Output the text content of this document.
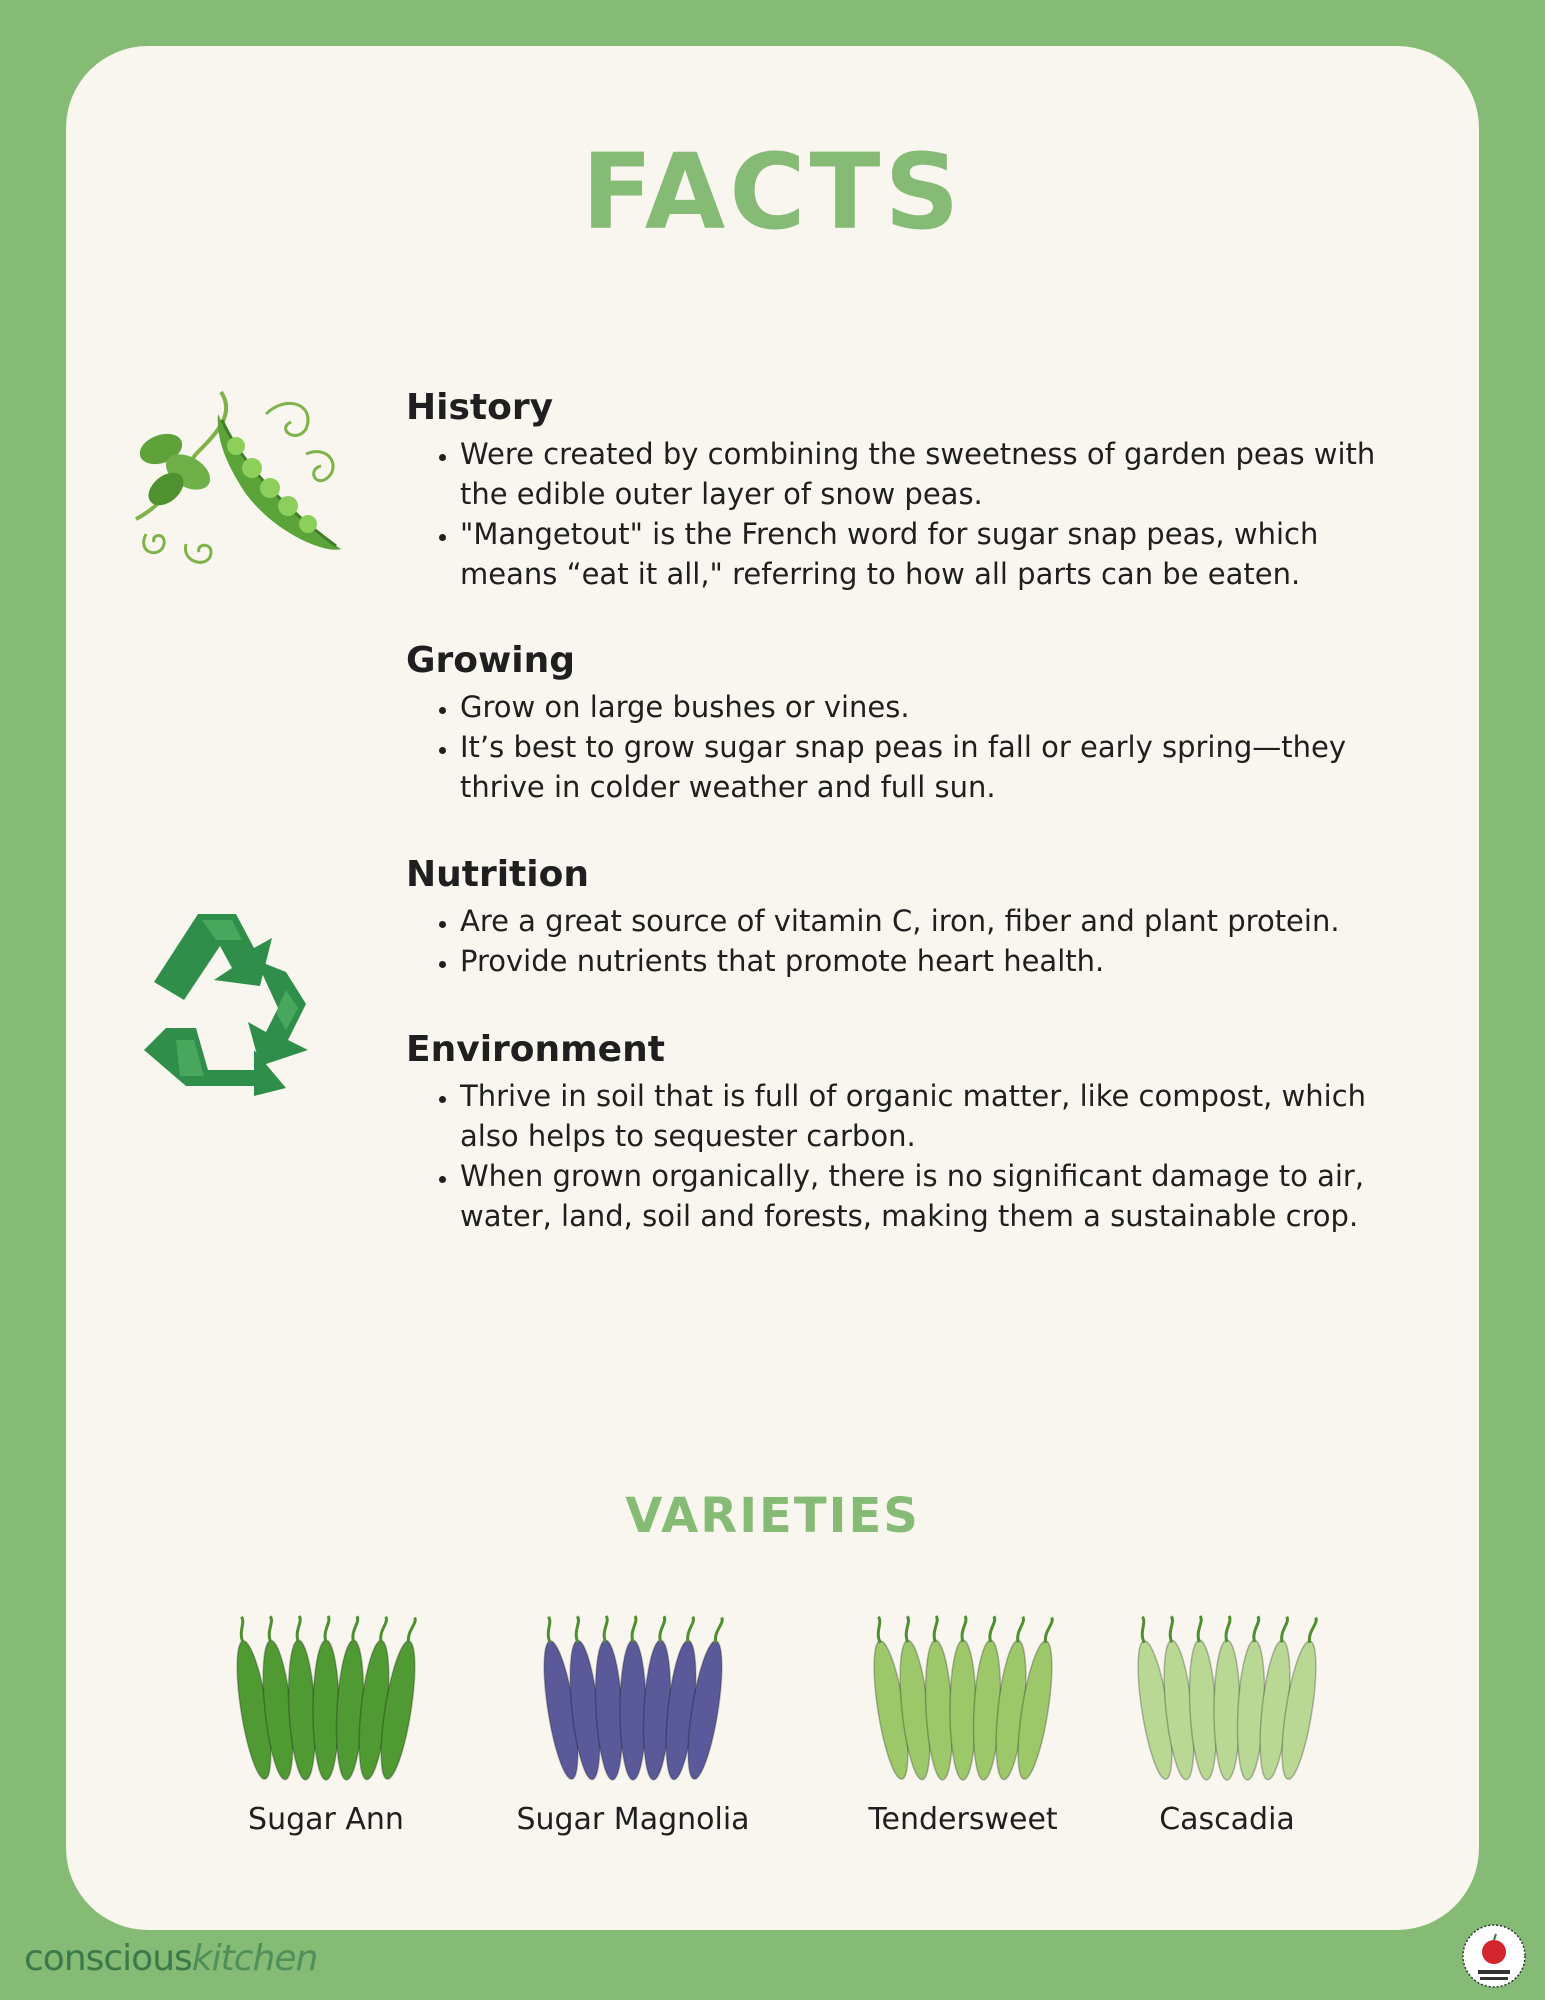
FACTS
History
• Were created by combining the sweetness of garden peas with the edible outer layer of snow peas.
• "Mangetout" is the French word for sugar snap peas, which means “eat it all," referring to how all parts can be eaten.
Growing
• Grow on large bushes or vines.
• It’s best to grow sugar snap peas in fall or early spring—they thrive in colder weather and full sun.
Nutrition
• Are a great source of vitamin C, iron, fiber and plant protein.
• Provide nutrients that promote heart health.
Environment
• Thrive in soil that is full of organic matter, like compost, which also helps to sequester carbon.
• When grown organically, there is no significant damage to air, water, land, soil and forests, making them a sustainable crop.
VARIETIES
Sugar Ann	Sugar Magnolia	Tendersweet	Cascadia
consciouskitchen
